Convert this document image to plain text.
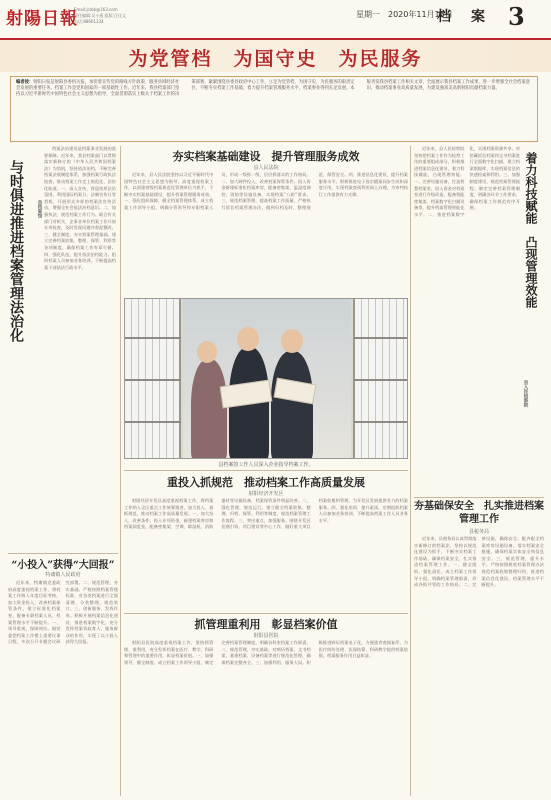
射陽日報
Email:jrsbk@163.com
责任编辑:吴小燕 组版:汪佳文
电话:88661234
星期一　2020年11月16日
档　案 3
为党管档　为国守史　为民服务
编者按：射阳日报是射阳县委机关报，承担着宣传党的路线方针政策、服务县域经济社会发展的重要任务。档案工作是党和国家的一项基础性工作，近年来，我县档案部门坚持以习近平新时代中国特色社会主义思想为指导，全面贯彻落实上级关于档案工作的决策部署，紧紧围绕县委县政府中心工作，立足为党管档、为国守史、为民服务的职责定位，不断夯实档案工作基础，着力提升档案管理服务水平，档案事业得到长足发展。本版刊发我县档案工作相关文章，全面展示我县档案工作成果，进一步增强全社会档案意识，推动档案事业高质量发展，为建设强富美高新射阳贡献档案力量。
与时俱进推进档案管理法治化	县档案馆

档案法治建设是档案事业发展的重要保障。近年来，我县档案部门以贯彻落实新修订的《中华人民共和国档案法》为契机，坚持依法治档，不断完善档案法规制度体系，加强档案行政执法检查，推动档案工作走上规范化、法治化轨道。一、深入宣传，营造浓厚法治氛围。利用国际档案日、法制宣传日等契机，开展形式多样的档案法宣传活动，增强全社会依法治档意识。二、加强执法，规范档案工作行为。联合有关部门对机关、企事业单位档案工作开展专项检查，及时发现问题并督促整改。三、健全制度，夯实档案管理基础。建立完善档案收集、整理、保管、利用等各项制度，确保档案工作有章可循。四、强化队伍，提升依法治档能力。组织档案人员参加业务培训，不断提高档案干部依法行政水平。

夯实档案基础建设　提升管理服务成效
县人民法院

近年来，县人民法院坚持以习近平新时代中国特色社会主义思想为指导，高度重视档案工作，以创建省级档案规范化管理单位为抓手，不断夯实档案基础建设，提升档案管理服务成效。一、强化组织保障，健全档案管理体系。成立档案工作领导小组，明确分管领导和专职档案人员，形成一级抓一级、层层抓落实的工作格局。二、加大硬件投入，改善档案保管条件。投入资金新建标准化档案库房，配备密集架、温湿度调控、消防等设施设备，实现档案“八防”要求。三、规范档案管理，提高档案工作质量。严格执行诉讼档案管理办法，做到归档及时、整理规范、保管安全。四、推进信息化建设，提升档案服务水平。积极推进电子卷宗随案同步生成和深度应用，实现档案查阅利用网上办理，为审判执行工作提供有力支撑。

县档案馆工作人员深入企业指导档案工作。
重投入抓规范　推动档案工作高质量发展
射阳经济开发区

射阳经济开发区高度重视档案工作，将档案工作纳入全区重点工作统筹推进，加大投入、狠抓规范，推动档案工作高质量发展。一、加大投入，改善条件。投入专项资金，新建档案库房和档案阅览室，配备密集架、空调、除湿机、消防器材等设施设备，档案保管条件明显改善。二、强化管理，规范运行。建立健全档案收集、整理、归档、保管、利用等制度，规范档案管理工作流程。三、突出重点，加强服务。围绕开发区招商引资、项目建设等中心工作，做好重大项目档案收集和管理，为开发区发展提供有力的档案服务。四、强化培训，提升素质。定期组织档案人员参加业务培训，不断提高档案工作人员业务水平。

抓管理重利用　彰显档案价值
射阳县医院

射阳县医院高度重视档案工作，坚持抓管理、重利用，充分发挥档案在医疗、教学、科研和管理中的重要作用，彰显档案价值。一、加强领导，健全制度。成立档案工作领导小组，制定完善档案管理制度，明确各科室档案工作职责。二、规范管理，夯实基础。对病历档案、文书档案、基建档案、设备档案等进行规范化管理，确保档案完整齐全。三、加强利用，服务大局。积极推进病历档案电子化，方便患者查阅复印，为医疗纠纷处理、医保结算、科研教学提供档案依据，档案服务作用日益彰显。

“小投入”获得“大回报”
特庸镇人民政府

近年来，特庸镇党委政府高度重视档案工作，将档案工作纳入年度目标考核，加大资金投入，改善档案保管条件，建立标准化档案室，配备专职档案人员，档案管理水平不断提升。一、领导重视，保障到位。镇党委把档案工作摆上重要议事日程，多次召开专题会议研究部署。二、规范管理，夯实基础。严格按照档案管理标准，对各类档案进行全面清理、分类整理、规范装订。三、创新服务，发挥作用。积极开展档案信息化建设，推进档案数字化，充分发挥档案资政育人、服务群众的作用，实现了以小投入获得大回报。

近年来，县人民检察院坚持把档案工作作为检察工作的重要组成部分，积极推进档案信息化建设，着力科技赋能，凸现管理效能。一、完善设施设备，打造智慧档案室。投入资金对档案室进行升级改造，配备智能密集架、档案数字化扫描设备等，提升档案管理智能化水平。二、推进档案数字化，实现档案资源共享。对馆藏诉讼档案和文书档案进行全面数字化扫描，建立档案数据库，实现档案信息的快速检索和利用。三、加强制度建设，规范档案管理流程。制定完善档案管理制度，明确各环节工作要求，确保档案工作规范有序开展。	着力科技赋能　凸现管理效能
县人民检察院
夯基础保安全　扎实推进档案管理工作
县税务局

近年来，县税务局认真贯彻落实新修订的档案法，坚持以规范化建设为抓手，不断夯实档案工作基础，确保档案安全，扎实推进档案管理工作。一、健全组织，强化责任。成立档案工作领导小组，明确档案管理职责，形成齐抓共管的工作格局。二、完善设施，确保安全。配齐配全档案库房设施设备，落实档案安全措施，确保档案实体安全和信息安全。三、规范管理，提升水平。严格按照税收档案管理办法规范档案收集整理归档，推进档案信息化建设，档案管理水平不断提升。
